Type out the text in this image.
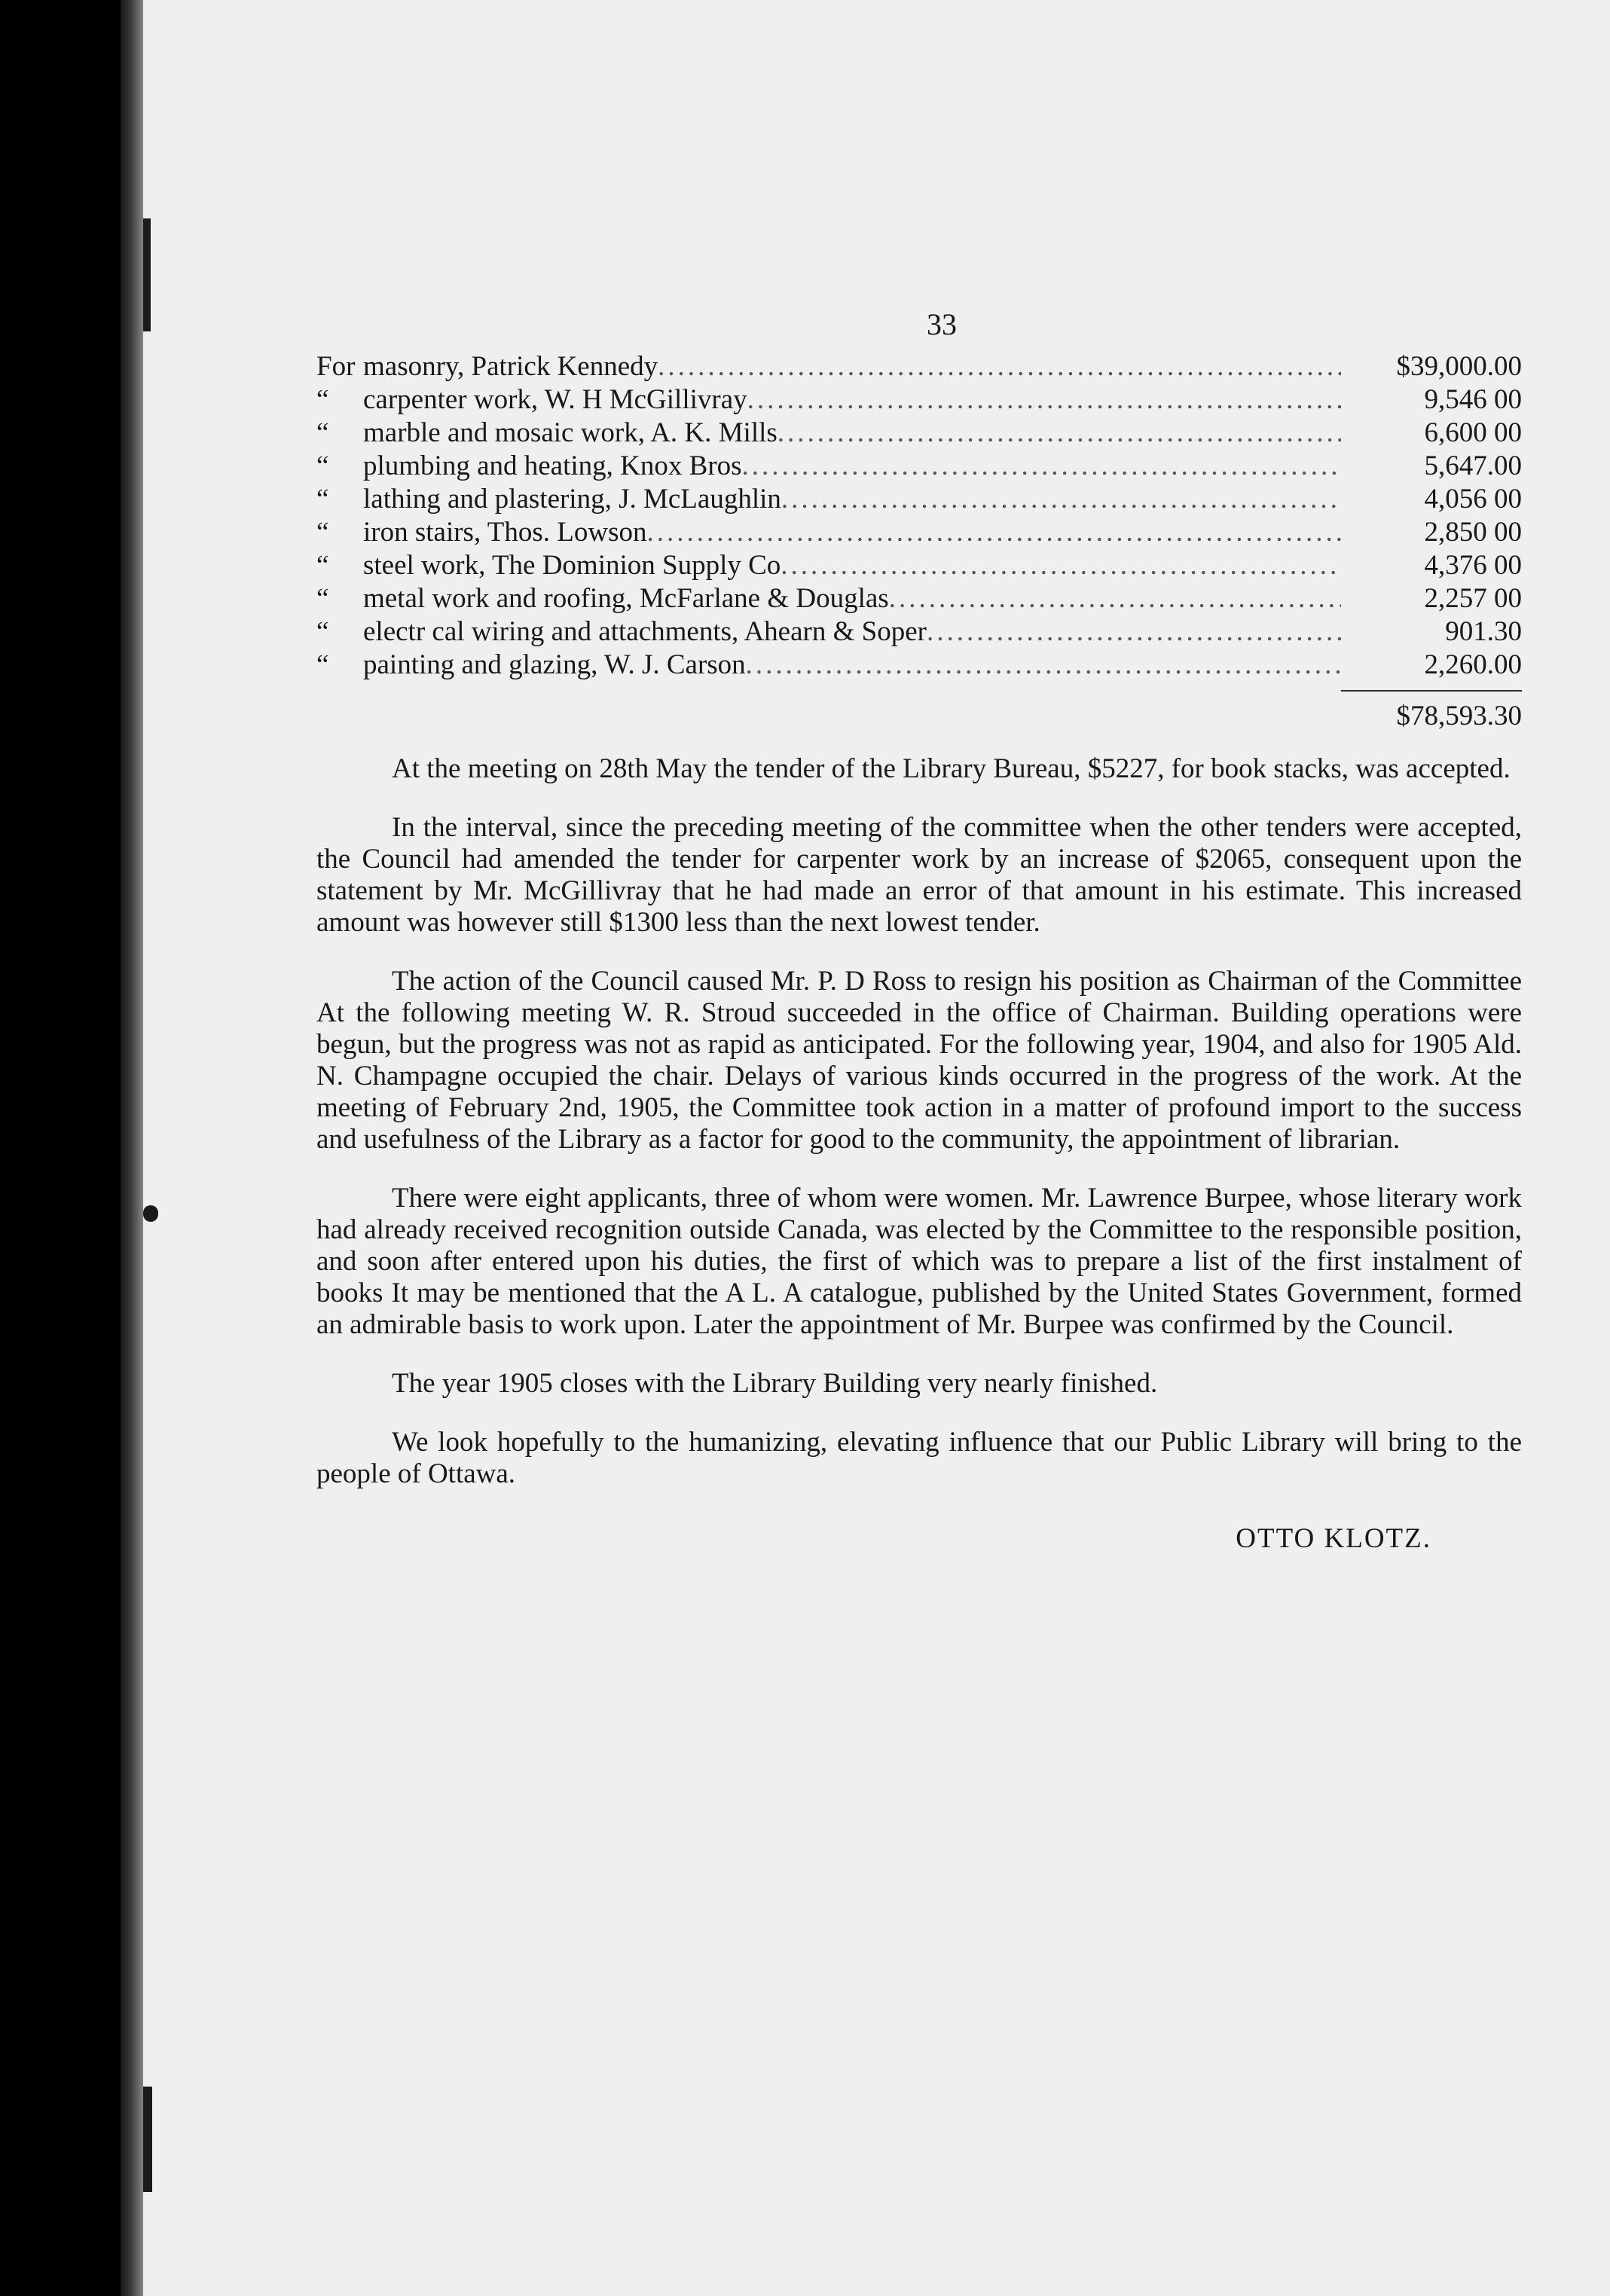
33
For masonry, Patrick Kennedy .....	$39,000.00
“	carpenter work, W. H McGillivray .....	9,546 00
“	marble and mosaic work, A. K. Mills .....	6,600 00
“	plumbing and heating, Knox Bros .....	5,647.00
“	lathing and plastering, J. McLaughlin .....	4,056 00
“	iron stairs, Thos. Lowson .....	2,850 00
“	steel work, The Dominion Supply Co .....	4,376 00
“	metal work and roofing, McFarlane & Douglas .....	2,257 00
“	electr cal wiring and attachments, Ahearn & Soper .....	901.30
“	painting and glazing, W. J. Carson .....	2,260.00
$78,593.30

At the meeting on 28th May the tender of the Library Bureau, $5227, for book stacks, was accepted.

In the interval, since the preceding meeting of the committee when the other tenders were accepted, the Council had amended the tender for carpenter work by an increase of $2065, consequent upon the statement by Mr. McGillivray that he had made an error of that amount in his estimate. This increased amount was however still $1300 less than the next lowest tender.

The action of the Council caused Mr. P. D Ross to resign his position as Chairman of the Committee At the following meeting W. R. Stroud succeeded in the office of Chairman. Building operations were begun, but the progress was not as rapid as anticipated. For the following year, 1904, and also for 1905 Ald. N. Champagne occupied the chair. Delays of various kinds occurred in the progress of the work. At the meeting of February 2nd, 1905, the Committee took action in a matter of profound import to the success and usefulness of the Library as a factor for good to the community, the appointment of librarian.

There were eight applicants, three of whom were women. Mr. Lawrence Burpee, whose literary work had already received recognition outside Canada, was elected by the Committee to the responsible position, and soon after entered upon his duties, the first of which was to prepare a list of the first instalment of books It may be mentioned that the A L. A catalogue, published by the United States Government, formed an admirable basis to work upon. Later the appointment of Mr. Burpee was confirmed by the Council.

The year 1905 closes with the Library Building very nearly finished.

We look hopefully to the humanizing, elevating influence that our Public Library will bring to the people of Ottawa.

OTTO KLOTZ.
